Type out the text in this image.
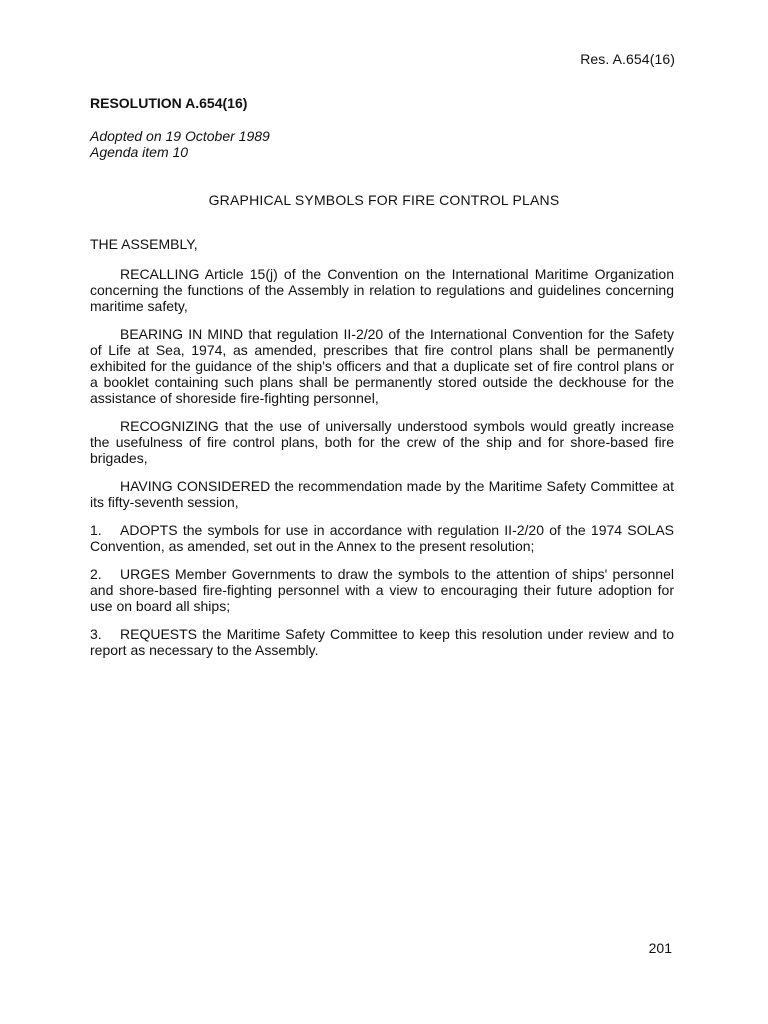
Res. A.654(16)
RESOLUTION A.654(16)
Adopted on 19 October 1989
Agenda item 10
GRAPHICAL SYMBOLS FOR FIRE CONTROL PLANS

THE ASSEMBLY,

RECALLING Article 15(j) of the Convention on the International Maritime Organization concerning the functions of the Assembly in relation to regulations and guidelines concerning maritime safety,

BEARING IN MIND that regulation II-2/20 of the International Convention for the Safety of Life at Sea, 1974, as amended, prescribes that fire control plans shall be permanently exhibited for the guidance of the ship's officers and that a duplicate set of fire control plans or a booklet containing such plans shall be permanently stored outside the deckhouse for the assistance of shoreside fire-fighting personnel,

RECOGNIZING that the use of universally understood symbols would greatly increase the usefulness of fire control plans, both for the crew of the ship and for shore-based fire brigades,

HAVING CONSIDERED the recommendation made by the Maritime Safety Committee at its fifty-seventh session,

1. ADOPTS the symbols for use in accordance with regulation II-2/20 of the 1974 SOLAS Convention, as amended, set out in the Annex to the present resolution;

2. URGES Member Governments to draw the symbols to the attention of ships' personnel and shore-based fire-fighting personnel with a view to encouraging their future adoption for use on board all ships;

3. REQUESTS the Maritime Safety Committee to keep this resolution under review and to report as necessary to the Assembly.

201
